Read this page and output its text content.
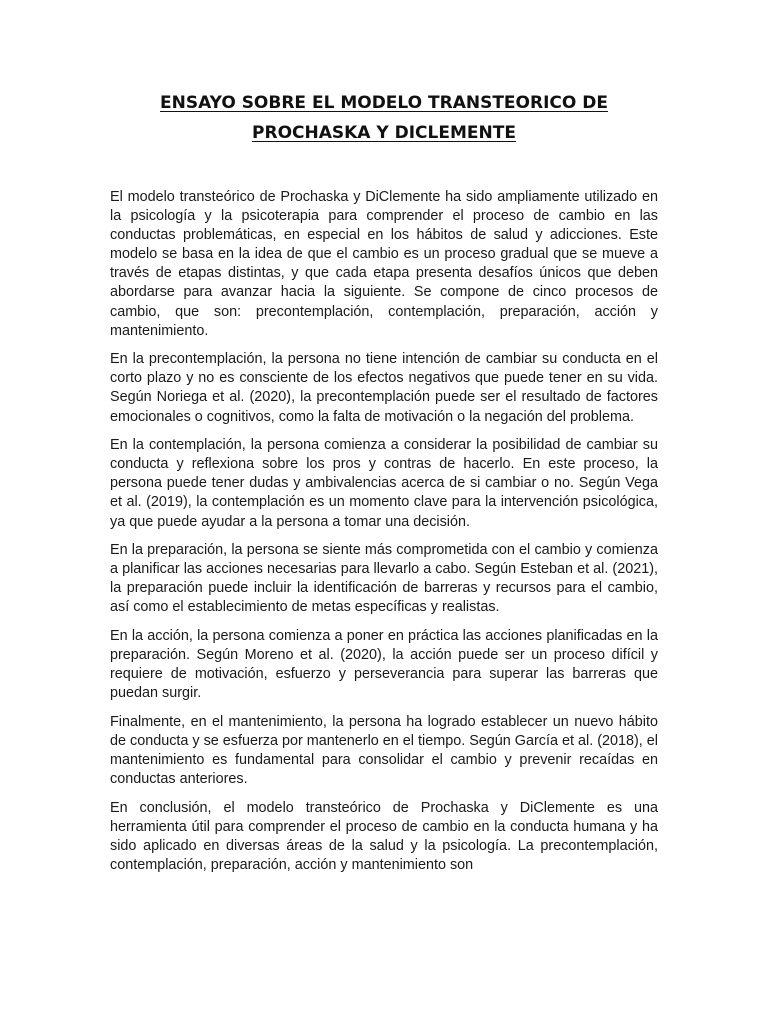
ENSAYO SOBRE EL MODELO TRANSTEORICO DE
PROCHASKA Y DICLEMENTE

El modelo transteórico de Prochaska y DiClemente ha sido ampliamente utilizado en la psicología y la psicoterapia para comprender el proceso de cambio en las conductas problemáticas, en especial en los hábitos de salud y adicciones. Este modelo se basa en la idea de que el cambio es un proceso gradual que se mueve a través de etapas distintas, y que cada etapa presenta desafíos únicos que deben abordarse para avanzar hacia la siguiente. Se compone de cinco procesos de cambio, que son: precontemplación, contemplación, preparación, acción y mantenimiento.

En la precontemplación, la persona no tiene intención de cambiar su conducta en el corto plazo y no es consciente de los efectos negativos que puede tener en su vida. Según Noriega et al. (2020), la precontemplación puede ser el resultado de factores emocionales o cognitivos, como la falta de motivación o la negación del problema.

En la contemplación, la persona comienza a considerar la posibilidad de cambiar su conducta y reflexiona sobre los pros y contras de hacerlo. En este proceso, la persona puede tener dudas y ambivalencias acerca de si cambiar o no. Según Vega et al. (2019), la contemplación es un momento clave para la intervención psicológica, ya que puede ayudar a la persona a tomar una decisión.

En la preparación, la persona se siente más comprometida con el cambio y comienza a planificar las acciones necesarias para llevarlo a cabo. Según Esteban et al. (2021), la preparación puede incluir la identificación de barreras y recursos para el cambio, así como el establecimiento de metas específicas y realistas.

En la acción, la persona comienza a poner en práctica las acciones planificadas en la preparación. Según Moreno et al. (2020), la acción puede ser un proceso difícil y requiere de motivación, esfuerzo y perseverancia para superar las barreras que puedan surgir.

Finalmente, en el mantenimiento, la persona ha logrado establecer un nuevo hábito de conducta y se esfuerza por mantenerlo en el tiempo. Según García et al. (2018), el mantenimiento es fundamental para consolidar el cambio y prevenir recaídas en conductas anteriores.

En conclusión, el modelo transteórico de Prochaska y DiClemente es una herramienta útil para comprender el proceso de cambio en la conducta humana y ha sido aplicado en diversas áreas de la salud y la psicología. La precontemplación, contemplación, preparación, acción y mantenimiento son
